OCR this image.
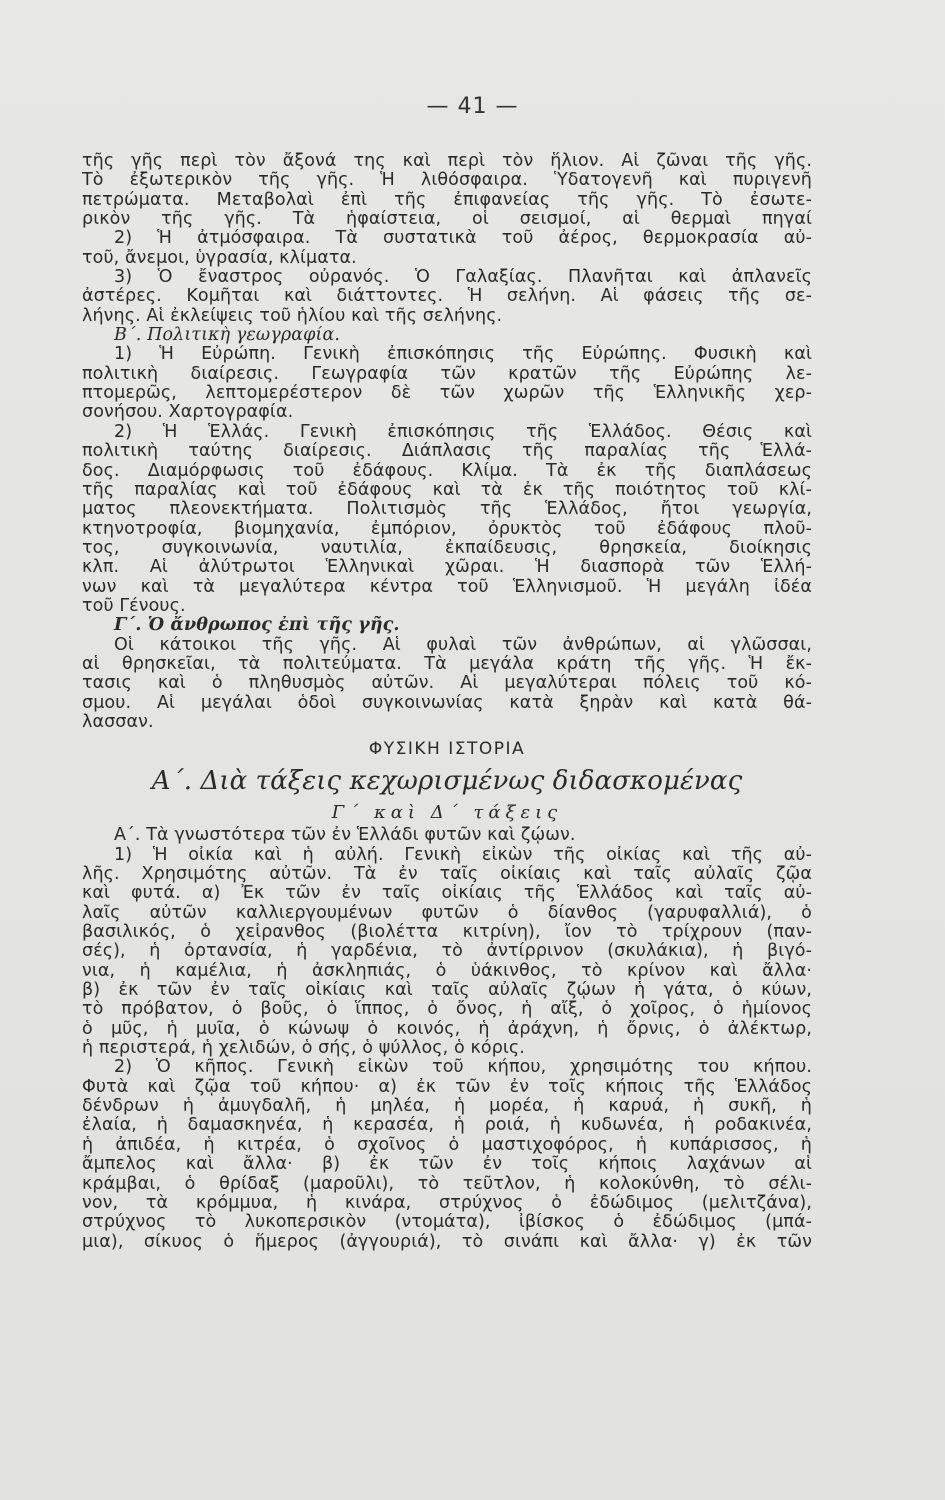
— 41 —
τῆς γῆς περὶ τὸν ἄξονά της καὶ περὶ τὸν ἥλιον. Αἱ ζῶναι τῆς γῆς.
Τὸ ἐξωτερικὸν τῆς γῆς. Ἡ λιθόσφαιρα. Ὑδατογενῆ καὶ πυριγενῆ
πετρώματα. Μεταβολαὶ ἐπὶ τῆς ἐπιφανείας τῆς γῆς. Τὸ ἐσωτε-
ρικὸν τῆς γῆς. Τὰ ἡφαίστεια, οἱ σεισμοί, αἱ θερμαὶ πηγαί
2) Ἡ ἀτμόσφαιρα. Τὰ συστατικὰ τοῦ ἀέρος, θερμοκρασία αὐ-
τοῦ, ἄνεμοι, ὑγρασία, κλίματα.
3) Ὁ ἔναστρος οὐρανός. Ὁ Γαλαξίας. Πλανῆται καὶ ἀπλανεῖς
ἀστέρες. Κομῆται καὶ διάττοντες. Ἡ σελήνη. Αἱ φάσεις τῆς σε-
λήνης. Αἱ ἐκλείψεις τοῦ ἡλίου καὶ τῆς σελήνης.
Β΄. Πολιτικὴ γεωγραφία.
1) Ἡ Εὐρώπη. Γενικὴ ἐπισκόπησις τῆς Εὐρώπης. Φυσικὴ καὶ
πολιτικὴ διαίρεσις. Γεωγραφία τῶν κρατῶν τῆς Εὐρώπης λε-
πτομερῶς, λεπτομερέστερον δὲ τῶν χωρῶν τῆς Ἑλληνικῆς χερ-
σονήσου. Χαρτογραφία.
2) Ἡ Ἑλλάς. Γενικὴ ἐπισκόπησις τῆς Ἑλλάδος. Θέσις καὶ
πολιτικὴ ταύτης διαίρεσις. Διάπλασις τῆς παραλίας τῆς Ἑλλά-
δος. Διαμόρφωσις τοῦ ἐδάφους. Κλίμα. Τὰ ἐκ τῆς διαπλάσεως
τῆς παραλίας καὶ τοῦ ἐδάφους καὶ τὰ ἐκ τῆς ποιότητος τοῦ κλί-
ματος πλεονεκτήματα. Πολιτισμὸς τῆς Ἑλλάδος, ἤτοι γεωργία,
κτηνοτροφία, βιομηχανία, ἐμπόριον, ὀρυκτὸς τοῦ ἐδάφους πλοῦ-
τος, συγκοινωνία, ναυτιλία, ἐκπαίδευσις, θρησκεία, διοίκησις
κλπ. Αἱ ἀλύτρωτοι Ἑλληνικαὶ χῶραι. Ἡ διασπορὰ τῶν Ἑλλή-
νων καὶ τὰ μεγαλύτερα κέντρα τοῦ Ἑλληνισμοῦ. Ἡ μεγάλη ἰδέα
τοῦ Γένους.
Γ΄. Ὁ ἄνθρωπος ἐπὶ τῆς γῆς.
Οἱ κάτοικοι τῆς γῆς. Αἱ φυλαὶ τῶν ἀνθρώπων, αἱ γλῶσσαι,
αἱ θρησκεῖαι, τὰ πολιτεύματα. Τὰ μεγάλα κράτη τῆς γῆς. Ἡ ἔκ-
τασις καὶ ὁ πληθυσμὸς αὐτῶν. Αἱ μεγαλύτεραι πόλεις τοῦ κό-
σμου. Αἱ μεγάλαι ὁδοὶ συγκοινωνίας κατὰ ξηρὰν καὶ κατὰ θά-
λασσαν.
ΦΥΣΙΚΗ ΙΣΤΟΡΙΑ
Α΄. Διὰ τάξεις κεχωρισμένως διδασκομένας
Γ΄ καὶ Δ΄ τάξεις
Α΄. Τὰ γνωστότερα τῶν ἐν Ἑλλάδι φυτῶν καὶ ζῴων.
1) Ἡ οἰκία καὶ ἡ αὐλή. Γενικὴ εἰκὼν τῆς οἰκίας καὶ τῆς αὐ-
λῆς. Χρησιμότης αὐτῶν. Τὰ ἐν ταῖς οἰκίαις καὶ ταῖς αὐλαῖς ζῷα
καὶ φυτά. α) Ἐκ τῶν ἐν ταῖς οἰκίαις τῆς Ἑλλάδος καὶ ταῖς αὐ-
λαῖς αὐτῶν καλλιεργουμένων φυτῶν ὁ δίανθος (γαρυφαλλιά), ὁ
βασιλικός, ὁ χεἰρανθος (βιολέττα κιτρίνη), ἴον τὸ τρίχρουν (παν-
σές), ἡ ὀρτανσία, ἡ γαρδένια, τὸ ἀντίρρινον (σκυλάκια), ἡ βιγό-
νια, ἡ καμέλια, ἡ ἀσκληπιάς, ὁ ὑάκινθος, τὸ κρίνον καὶ ἄλλα·
β) ἐκ τῶν ἐν ταῖς οἰκίαις καὶ ταῖς αὐλαῖς ζῴων ἡ γάτα, ὁ κύων,
τὸ πρόβατον, ὁ βοῦς, ὁ ἵππος, ὁ ὄνος, ἡ αἴξ, ὁ χοῖρος, ὁ ἡμίονος
ὁ μῦς, ἡ μυῖα, ὁ κώνωψ ὁ κοινός, ἡ ἀράχνη, ἡ ὄρνις, ὁ ἀλέκτωρ,
ἡ περιστερά, ἡ χελιδών, ὁ σής, ὁ ψύλλος, ὁ κόρις.
2) Ὁ κῆπος. Γενικὴ εἰκὼν τοῦ κήπου, χρησιμότης του κήπου.
Φυτὰ καὶ ζῷα τοῦ κήπου· α) ἐκ τῶν ἐν τοῖς κήποις τῆς Ἑλλάδος
δένδρων ἡ ἀμυγδαλῆ, ἡ μηλέα, ἡ μορέα, ἡ καρυά, ἡ συκῆ, ἡ
ἐλαία, ἡ δαμασκηνέα, ἡ κερασέα, ἡ ροιά, ἡ κυδωνέα, ἡ ροδακινέα,
ἡ ἀπιδέα, ἡ κιτρέα, ὁ σχοῖνος ὁ μαστιχοφόρος, ἡ κυπάρισσος, ἡ
ἄμπελος καὶ ἄλλα· β) ἐκ τῶν ἐν τοῖς κήποις λαχάνων αἱ
κράμβαι, ὁ θρίδαξ (μαροῦλι), τὸ τεῦτλον, ἡ κολοκύνθη, τὸ σέλι-
νον, τὰ κρόμμυα, ἡ κινάρα, στρύχνος ὁ ἐδώδιμος (μελιτζάνα),
στρύχνος τὸ λυκοπερσικὸν (ντομάτα), ἰβίσκος ὁ ἐδώδιμος (μπά-
μια), σίκυος ὁ ἥμερος (ἀγγουριά), τὸ σινάπι καὶ ἄλλα· γ) ἐκ τῶν
